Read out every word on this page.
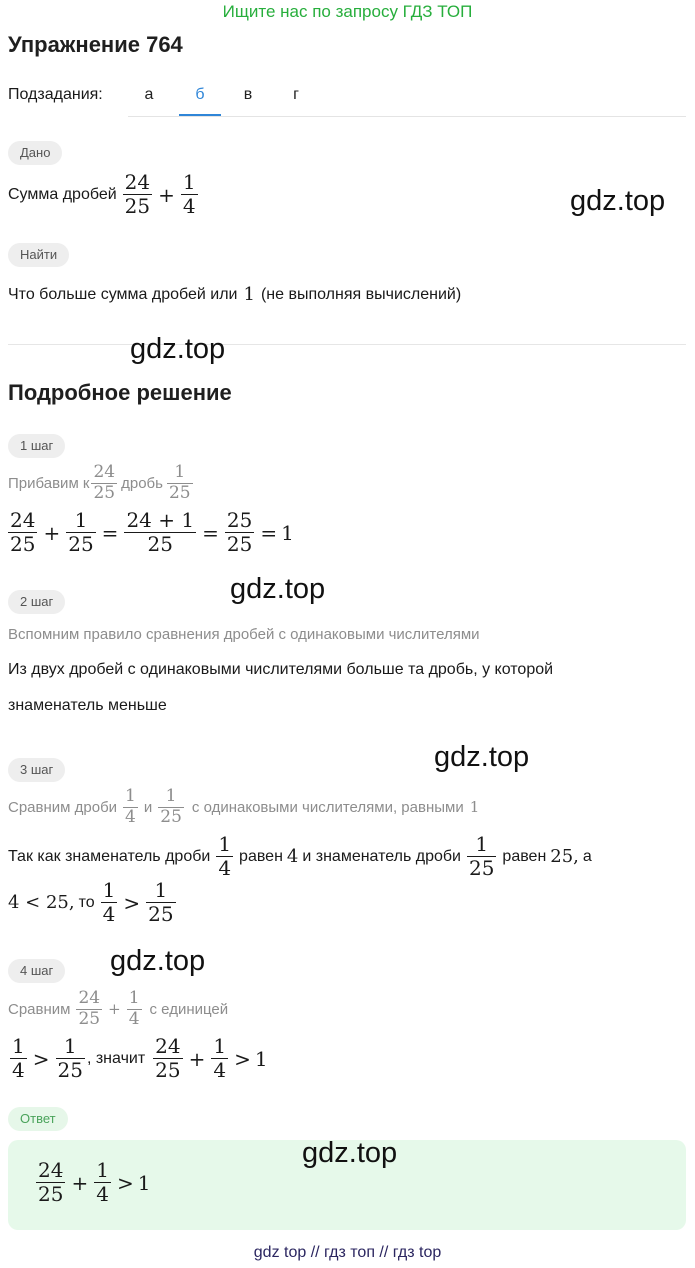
Ищите нас по запросу ГДЗ ТОП
Упражнение 764
Подзадания:	а	б	в	г
Дано
Сумма дробей $\frac{24}{25} + \frac{1}{4}$
Найти
Что больше сумма дробей или 1 (не выполняя вычислений)
Подробное решение
1 шаг
Прибавим к $\frac{24}{25}$ дробь $\frac{1}{25}$
$\frac{24}{25} + \frac{1}{25} = \frac{24 + 1}{25} = \frac{25}{25} = 1$
2 шаг
Вспомним правило сравнения дробей с одинаковыми числителями
Из двух дробей с одинаковыми числителями больше та дробь, у которой
знаменатель меньше
3 шаг
Сравним дроби $\frac{1}{4}$ и $\frac{1}{25}$ с одинаковыми числителями, равными 1
Так как знаменатель дроби $\frac{1}{4}$ равен 4 и знаменатель дроби $\frac{1}{25}$ равен 25, а
4 < 25, то $\frac{1}{4} > \frac{1}{25}$
4 шаг
Сравним $\frac{24}{25} + \frac{1}{4}$ с единицей
$\frac{1}{4} > \frac{1}{25}$ , значит $\frac{24}{25} + \frac{1}{4} > 1$
Ответ
$\frac{24}{25} + \frac{1}{4} > 1$
gdz.top
gdz.top
gdz.top
gdz.top
gdz.top
gdz.top
gdz top // гдз топ // гдз top
